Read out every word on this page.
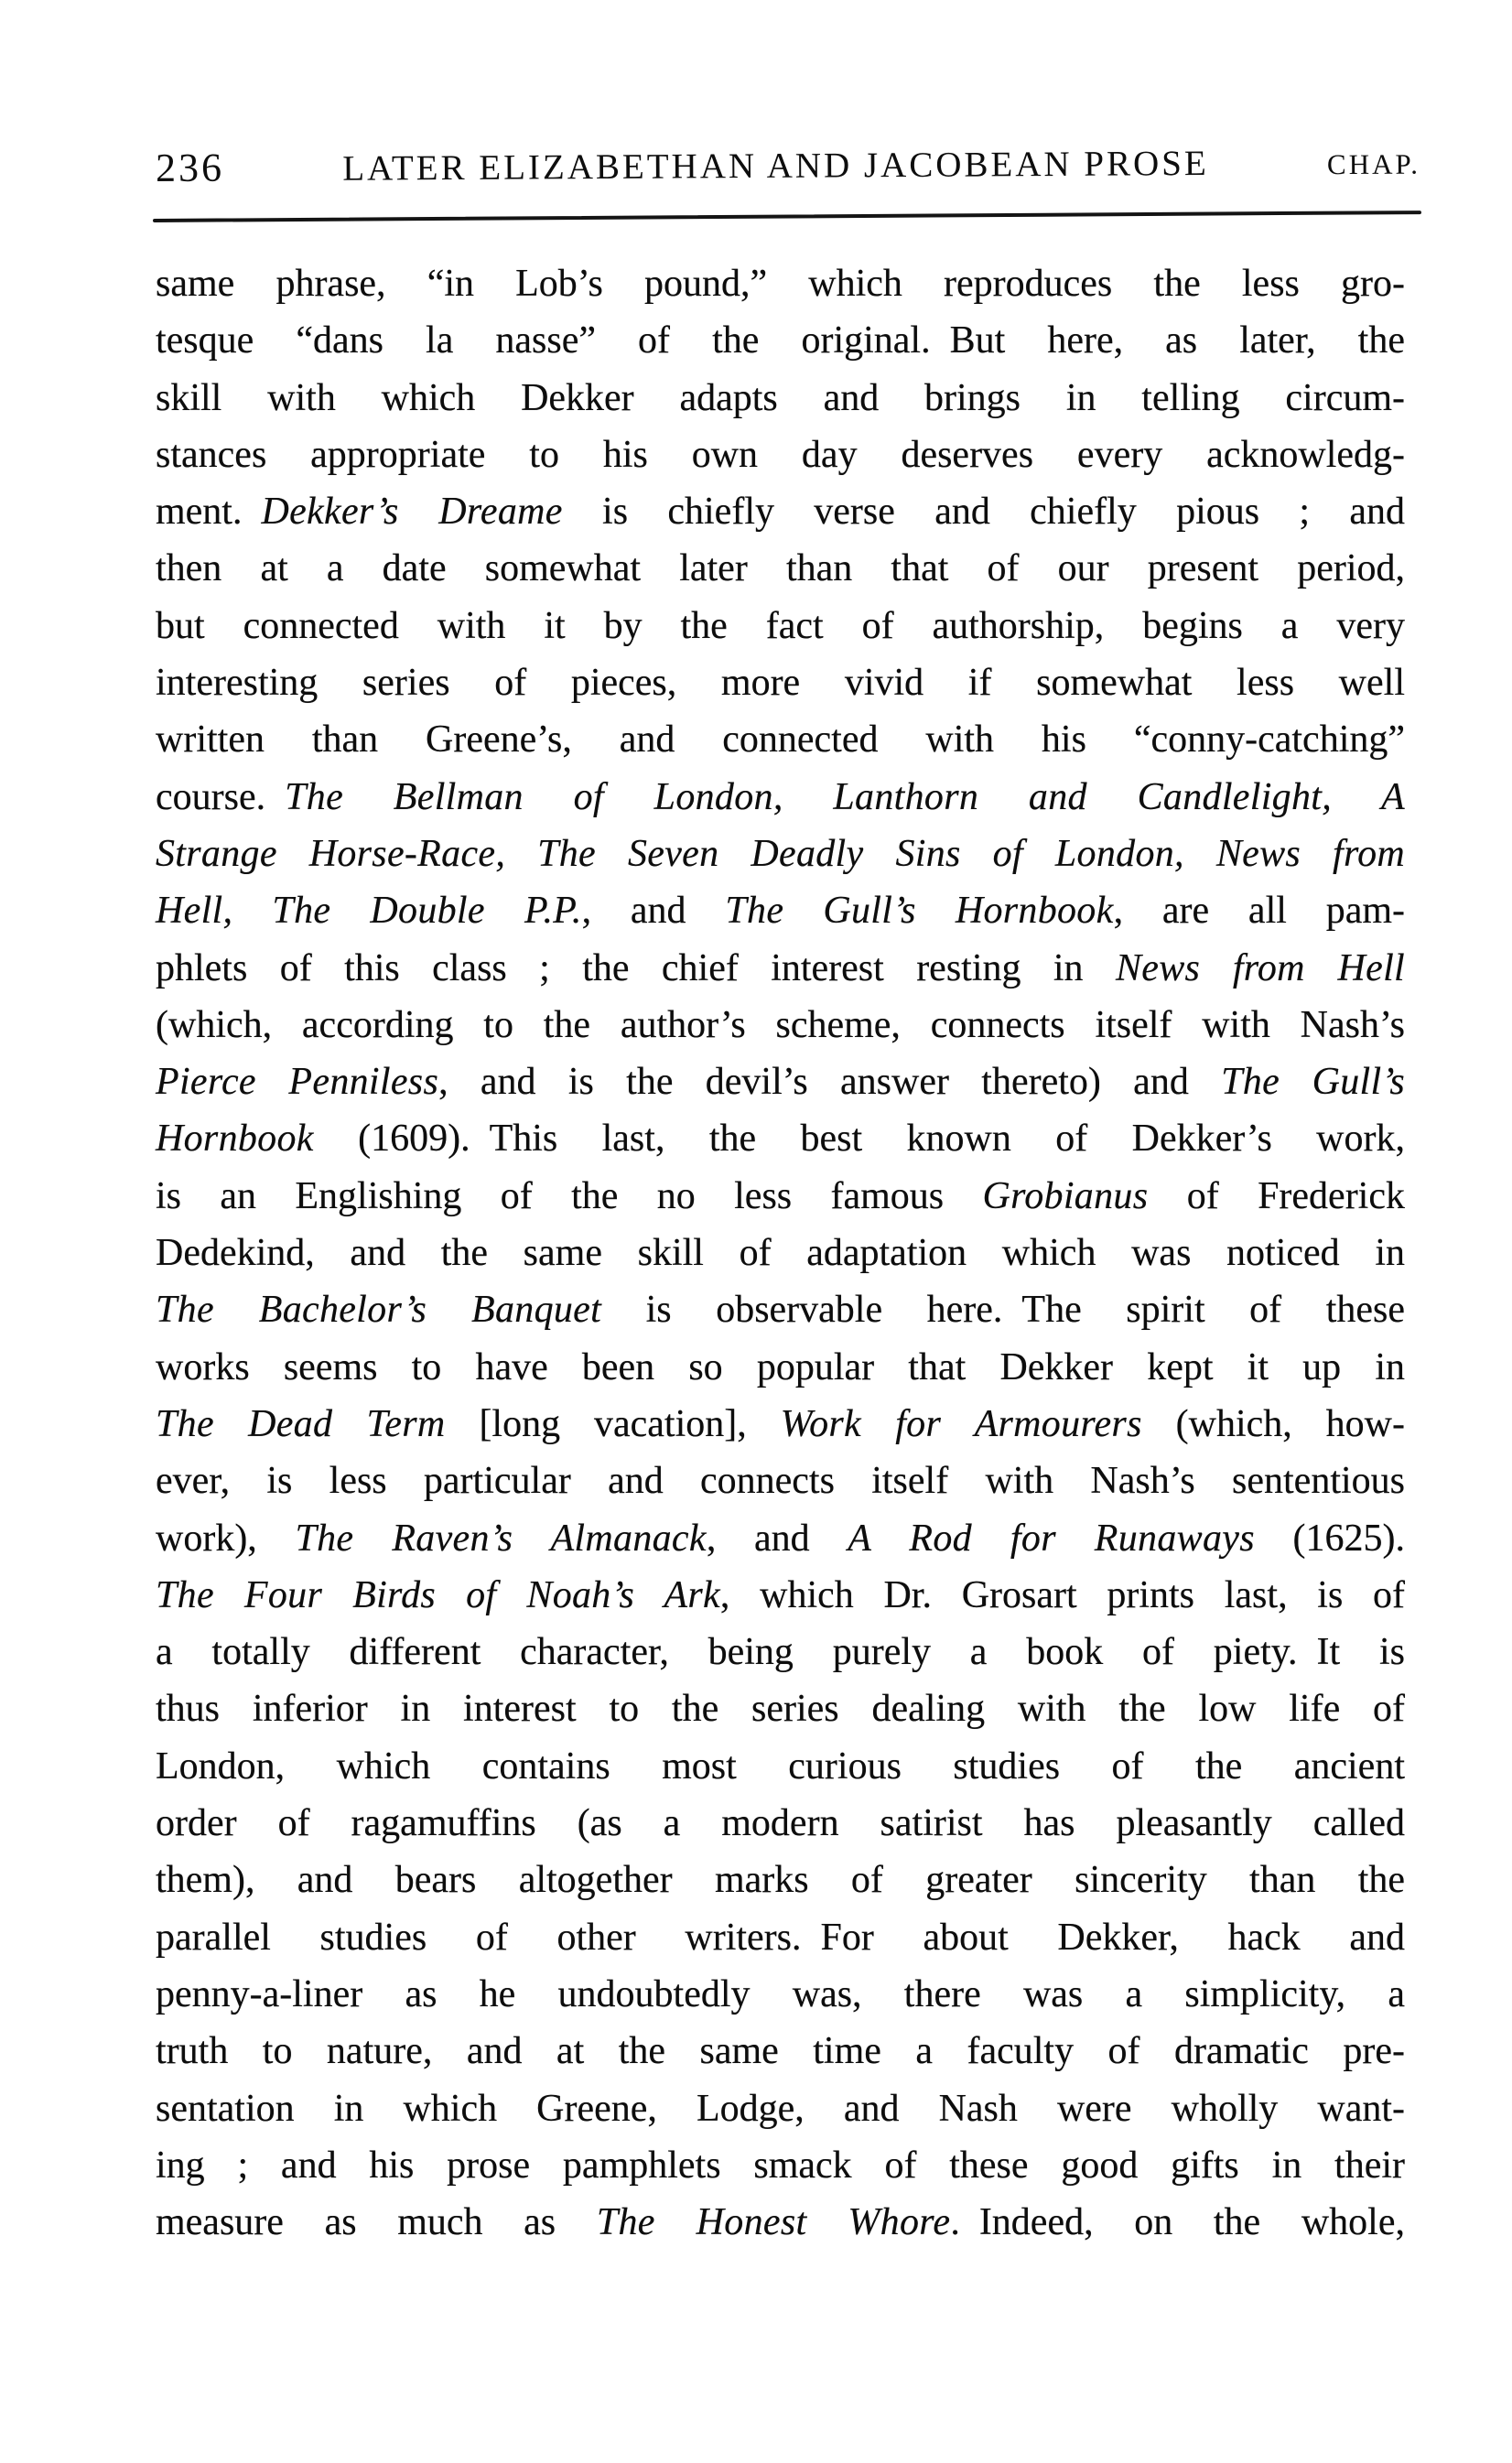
236	LATER ELIZABETHAN AND JACOBEAN PROSE	CHAP.
same phrase, “in Lob’s pound,” which reproduces the less gro-
tesque “dans la nasse” of the original. But here, as later, the
skill with which Dekker adapts and brings in telling circum-
stances appropriate to his own day deserves every acknowledg-
ment. Dekker’s Dreame is chiefly verse and chiefly pious ; and
then at a date somewhat later than that of our present period,
but connected with it by the fact of authorship, begins a very
interesting series of pieces, more vivid if somewhat less well
written than Greene’s, and connected with his “conny-catching”
course. The Bellman of London, Lanthorn and Candlelight, A
Strange Horse-Race, The Seven Deadly Sins of London, News from
Hell, The Double P.P., and The Gull’s Hornbook, are all pam-
phlets of this class ; the chief interest resting in News from Hell
(which, according to the author’s scheme, connects itself with Nash’s
Pierce Penniless, and is the devil’s answer thereto) and The Gull’s
Hornbook (1609). This last, the best known of Dekker’s work,
is an Englishing of the no less famous Grobianus of Frederick
Dedekind, and the same skill of adaptation which was noticed in
The Bachelor’s Banquet is observable here. The spirit of these
works seems to have been so popular that Dekker kept it up in
The Dead Term [long vacation], Work for Armourers (which, how-
ever, is less particular and connects itself with Nash’s sententious
work), The Raven’s Almanack, and A Rod for Runaways (1625).
The Four Birds of Noah’s Ark, which Dr. Grosart prints last, is of
a totally different character, being purely a book of piety. It is
thus inferior in interest to the series dealing with the low life of
London, which contains most curious studies of the ancient
order of ragamuffins (as a modern satirist has pleasantly called
them), and bears altogether marks of greater sincerity than the
parallel studies of other writers. For about Dekker, hack and
penny-a-liner as he undoubtedly was, there was a simplicity, a
truth to nature, and at the same time a faculty of dramatic pre-
sentation in which Greene, Lodge, and Nash were wholly want-
ing ; and his prose pamphlets smack of these good gifts in their
measure as much as The Honest Whore. Indeed, on the whole,
